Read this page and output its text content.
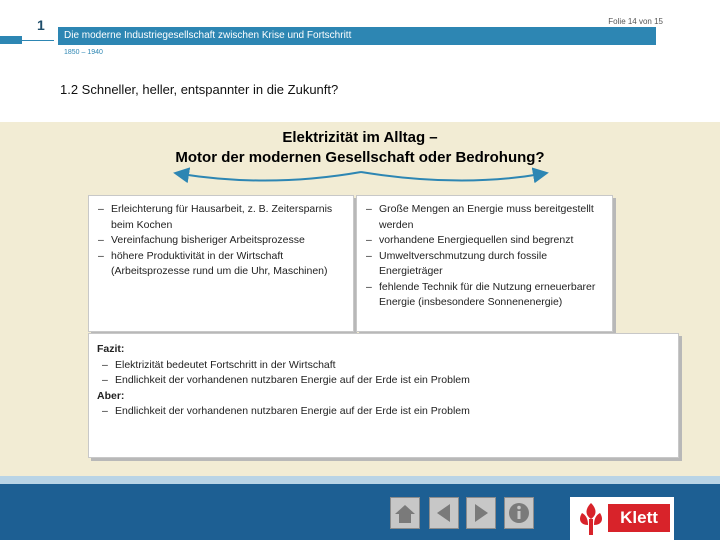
1	Folie 14 von 15
Die moderne Industriegesellschaft zwischen Krise und Fortschritt
1850 – 1940
1.2 Schneller, heller, entspannter in die Zukunft?
Elektrizität im Alltag –
Motor der modernen Gesellschaft oder Bedrohung?
– Erleichterung für Hausarbeit, z. B. Zeitersparnis beim Kochen
– Vereinfachung bisheriger Arbeitsprozesse
– höhere Produktivität in der Wirtschaft (Arbeitsprozesse rund um die Uhr, Maschinen)
– Große Mengen an Energie muss bereitgestellt werden
– vorhandene Energiequellen sind begrenzt
– Umweltverschmutzung durch fossile Energieträger
– fehlende Technik für die Nutzung erneuerbarer Energie (insbesondere Sonnenenergie)
Fazit:
– Elektrizität bedeutet Fortschritt in der Wirtschaft
– Endlichkeit der vorhandenen nutzbaren Energie auf der Erde ist ein Problem
Aber:
– Endlichkeit der vorhandenen nutzbaren Energie auf der Erde ist ein Problem
Klett
